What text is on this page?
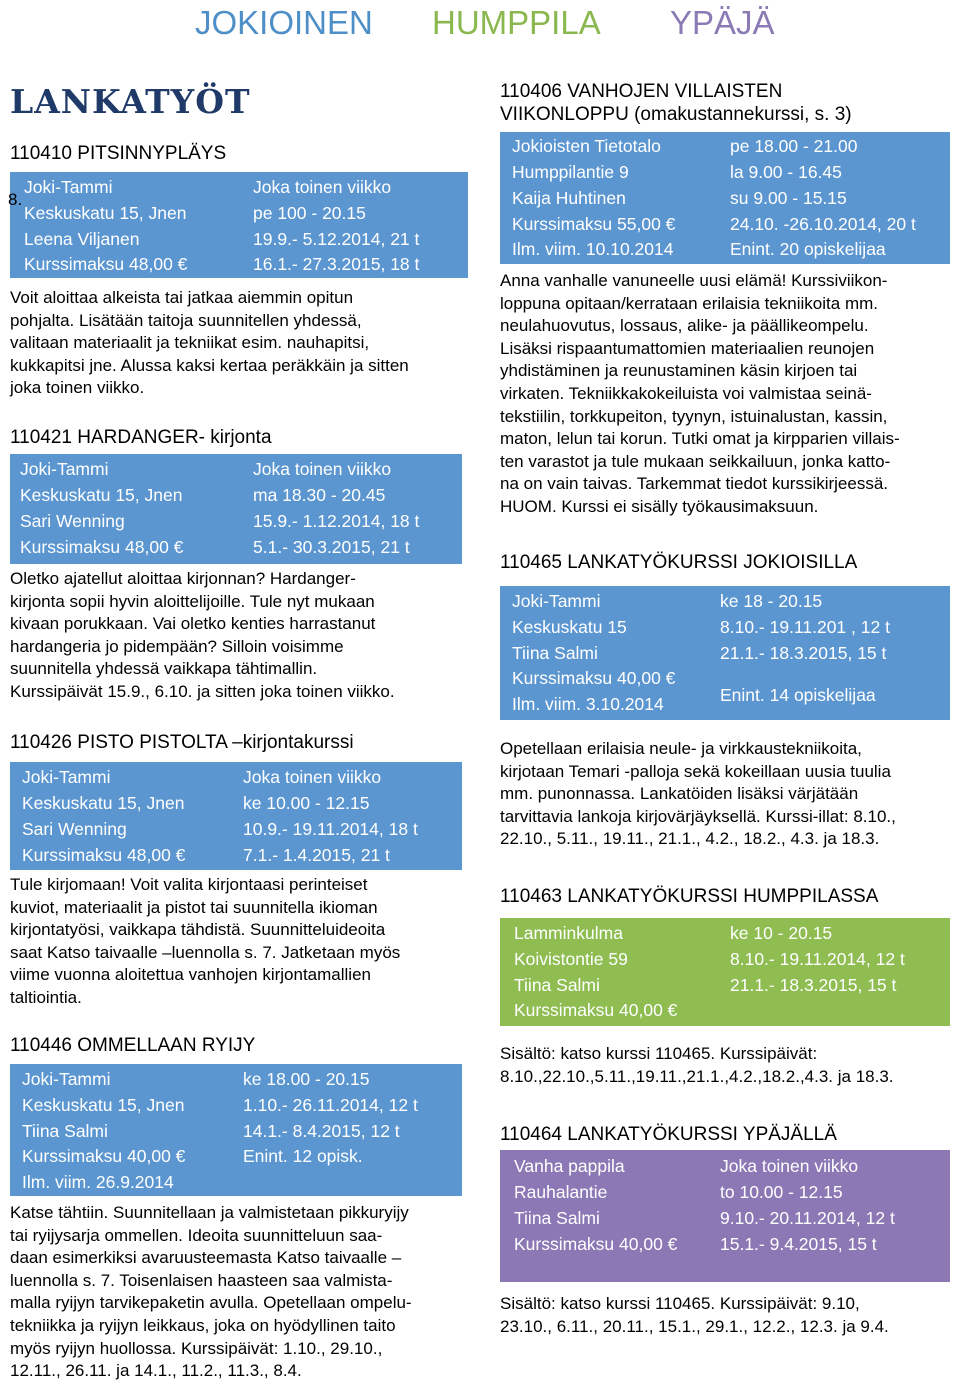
JOKIOINEN HUMPPILA YPÄJÄ
LANKATYÖT
110410 PITSINNYPLÄYS
Joki-Tammi	Joka toinen viikko
Keskuskatu 15, Jnen	pe 100 - 20.15
Leena Viljanen	19.9.- 5.12.2014, 21 t
Kurssimaksu 48,00 €	16.1.- 27.3.2015, 18 t
8.
Voit aloittaa alkeista tai jatkaa aiemmin opitun
pohjalta. Lisätään taitoja suunnitellen yhdessä,
valitaan materiaalit ja tekniikat esim. nauhapitsi,
kukkapitsi jne. Alussa kaksi kertaa peräkkäin ja sitten
joka toinen viikko.
110421 HARDANGER- kirjonta
Joki-Tammi	Joka toinen viikko
Keskuskatu 15, Jnen	ma 18.30 - 20.45
Sari Wenning	15.9.- 1.12.2014, 18 t
Kurssimaksu 48,00 €	5.1.- 30.3.2015, 21 t
Oletko ajatellut aloittaa kirjonnan? Hardanger-
kirjonta sopii hyvin aloittelijoille. Tule nyt mukaan
kivaan porukkaan. Vai oletko kenties harrastanut
hardangeria jo pidempään? Silloin voisimme
suunnitella yhdessä vaikkapa tähtimallin.
Kurssipäivät 15.9., 6.10. ja sitten joka toinen viikko.
110426 PISTO PISTOLTA –kirjontakurssi
Joki-Tammi	Joka toinen viikko
Keskuskatu 15, Jnen	ke 10.00 - 12.15
Sari Wenning	10.9.- 19.11.2014, 18 t
Kurssimaksu 48,00 €	7.1.- 1.4.2015, 21 t
Tule kirjomaan! Voit valita kirjontaasi perinteiset
kuviot, materiaalit ja pistot tai suunnitella ikioman
kirjontatyösi, vaikkapa tähdistä. Suunnitteluideoita
saat Katso taivaalle –luennolla s. 7. Jatketaan myös
viime vuonna aloitettua vanhojen kirjontamallien
taltiointia.
110446 OMMELLAAN RYIJY
Joki-Tammi	ke 18.00 - 20.15
Keskuskatu 15, Jnen	1.10.- 26.11.2014, 12 t
Tiina Salmi	14.1.- 8.4.2015, 12 t
Kurssimaksu 40,00 €	Enint. 12 opisk.
Ilm. viim. 26.9.2014
Katse tähtiin. Suunnitellaan ja valmistetaan pikkuryijy
tai ryijysarja ommellen. Ideoita suunnitteluun saa-
daan esimerkiksi avaruusteemasta Katso taivaalle –
luennolla s. 7. Toisenlaisen haasteen saa valmista-
malla ryijyn tarvikepaketin avulla. Opetellaan ompelu-
tekniikka ja ryijyn leikkaus, joka on hyödyllinen taito
myös ryijyn huollossa. Kurssipäivät: 1.10., 29.10.,
12.11., 26.11. ja 14.1., 11.2., 11.3., 8.4.
110406 VANHOJEN VILLAISTEN
VIIKONLOPPU (omakustannekurssi, s. 3)
Jokioisten Tietotalo	pe 18.00 - 21.00
Humppilantie 9	la 9.00 - 16.45
Kaija Huhtinen	su 9.00 - 15.15
Kurssimaksu 55,00 €	24.10. -26.10.2014, 20 t
Ilm. viim. 10.10.2014	Enint. 20 opiskelijaa
Anna vanhalle vanuneelle uusi elämä! Kurssiviikon-
loppuna opitaan/kerrataan erilaisia tekniikoita mm.
neulahuovutus, lossaus, alike- ja päällikeompelu.
Lisäksi rispaantumattomien materiaalien reunojen
yhdistäminen ja reunustaminen käsin kirjoen tai
virkaten. Tekniikkakokeiluista voi valmistaa seinä-
tekstiilin, torkkupeiton, tyynyn, istuinalustan, kassin,
maton, lelun tai korun. Tutki omat ja kirpparien villais-
ten varastot ja tule mukaan seikkailuun, jonka katto-
na on vain taivas. Tarkemmat tiedot kurssikirjeessä.
HUOM. Kurssi ei sisälly työkausimaksuun.
110465 LANKATYÖKURSSI JOKIOISILLA
Joki-Tammi	ke 18 - 20.15
Keskuskatu 15	8.10.- 19.11.201 , 12 t
Tiina Salmi	21.1.- 18.3.2015, 15 t
Kurssimaksu 40,00 €
Ilm. viim. 3.10.2014	Enint. 14 opiskelijaa
Opetellaan erilaisia neule- ja virkkaustekniikoita,
kirjotaan Temari -palloja sekä kokeillaan uusia tuulia
mm. punonnassa. Lankatöiden lisäksi värjätään
tarvittavia lankoja kirjovärjäyksellä. Kurssi-illat: 8.10.,
22.10., 5.11., 19.11., 21.1., 4.2., 18.2., 4.3. ja 18.3.
110463 LANKATYÖKURSSI HUMPPILASSA
Lamminkulma	ke 10 - 20.15
Koivistontie 59	8.10.- 19.11.2014, 12 t
Tiina Salmi	21.1.- 18.3.2015, 15 t
Kurssimaksu 40,00 €
Sisältö: katso kurssi 110465. Kurssipäivät:
8.10.,22.10.,5.11.,19.11.,21.1.,4.2.,18.2.,4.3. ja 18.3.
110464 LANKATYÖKURSSI YPÄJÄLLÄ
Vanha pappila	Joka toinen viikko
Rauhalantie	to 10.00 - 12.15
Tiina Salmi	9.10.- 20.11.2014, 12 t
Kurssimaksu 40,00 € 15.1.- 9.4.2015, 15 t
Sisältö: katso kurssi 110465. Kurssipäivät: 9.10,
23.10., 6.11., 20.11., 15.1., 29.1., 12.2., 12.3. ja 9.4.
